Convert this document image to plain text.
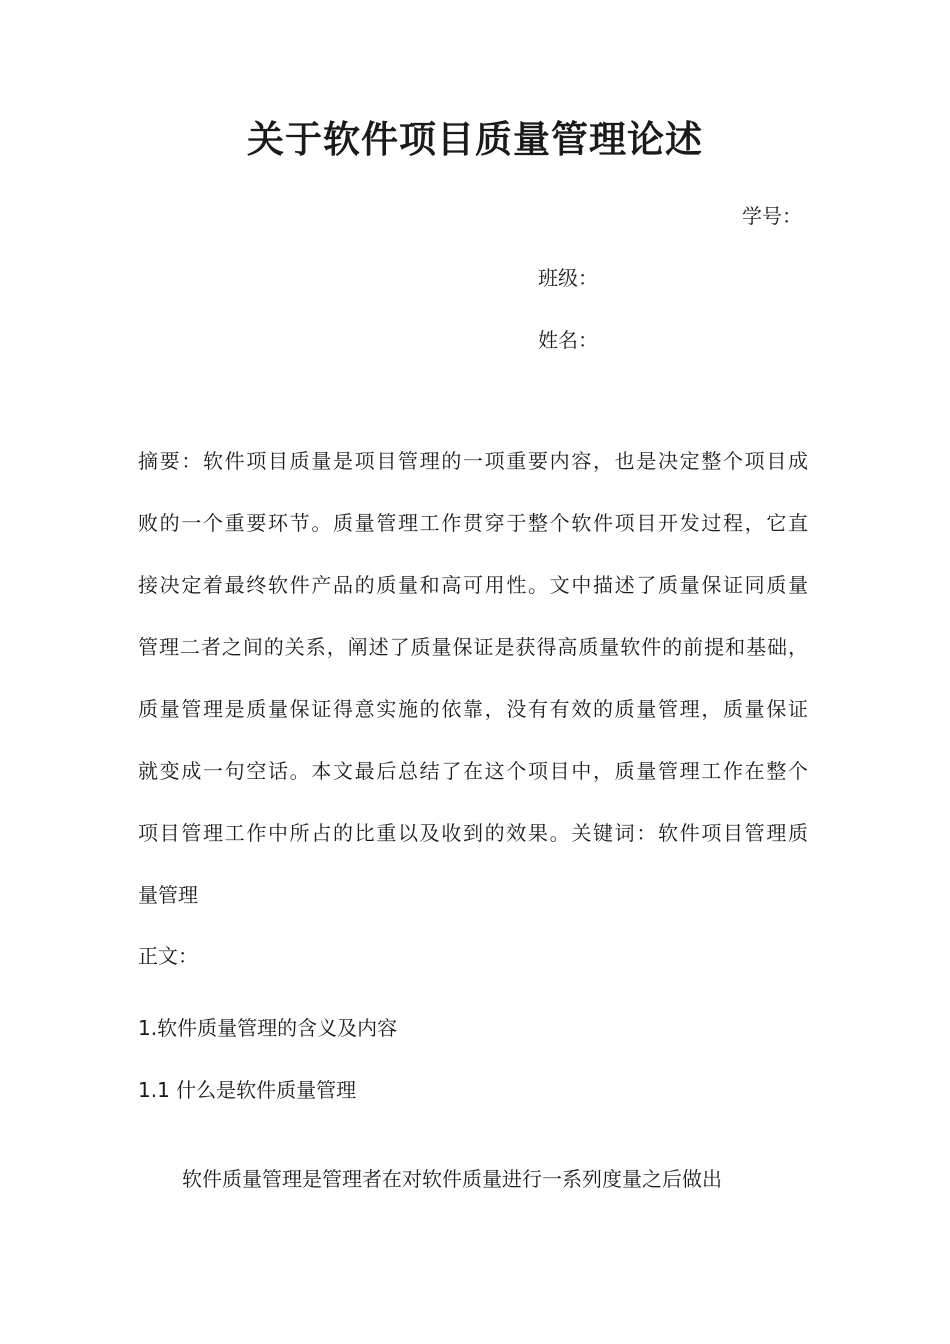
关于软件项目质量管理论述
学号：
班级：
姓名：
摘要：软件项目质量是项目管理的一项重要内容，也是决定整个项目成
败的一个重要环节。质量管理工作贯穿于整个软件项目开发过程，它直
接决定着最终软件产品的质量和高可用性。文中描述了质量保证同质量
管理二者之间的关系，阐述了质量保证是获得高质量软件的前提和基础，
质量管理是质量保证得意实施的依靠，没有有效的质量管理，质量保证
就变成一句空话。本文最后总结了在这个项目中，质量管理工作在整个
项目管理工作中所占的比重以及收到的效果。关键词：软件项目管理质
量管理
正文：
1.软件质量管理的含义及内容
1.1 什么是软件质量管理
软件质量管理是管理者在对软件质量进行一系列度量之后做出
